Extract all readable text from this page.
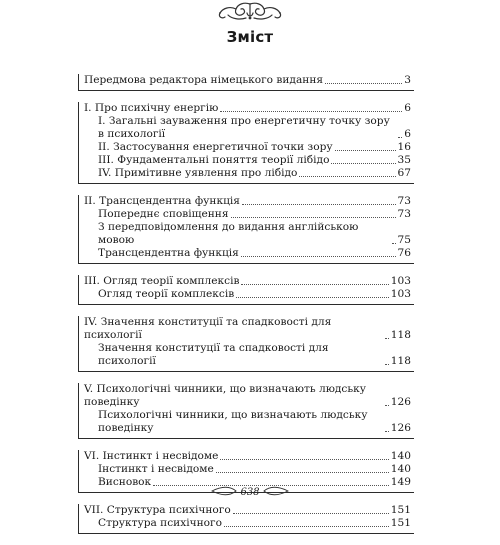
Зміст
Передмова редактора німецького видання	3
I. Про психічну енергію	6
I. Загальні зауваження про енергетичну точку зору в психології	6
II. Застосування енергетичної точки зору	16
III. Фундаментальні поняття теорії лібідо	35
IV. Примітивне уявлення про лібідо	67
II. Трансцендентна функція	73
Попереднє сповіщення	73
З передповідомлення до видання англійською мовою	75
Трансцендентна функція	76
III. Огляд теорії комплексів	103
Огляд теорії комплексів	103
IV. Значення конституції та спадковості для психології	118
Значення конституції та спадковості для психології	118
V. Психологічні чинники, що визначають людську поведінку	126
Психологічні чинники, що визначають людську поведінку	126
VI. Інстинкт і несвідоме	140
Інстинкт і несвідоме	140
Висновок	149
VII. Структура психічного	151
Структура психічного	151
638
